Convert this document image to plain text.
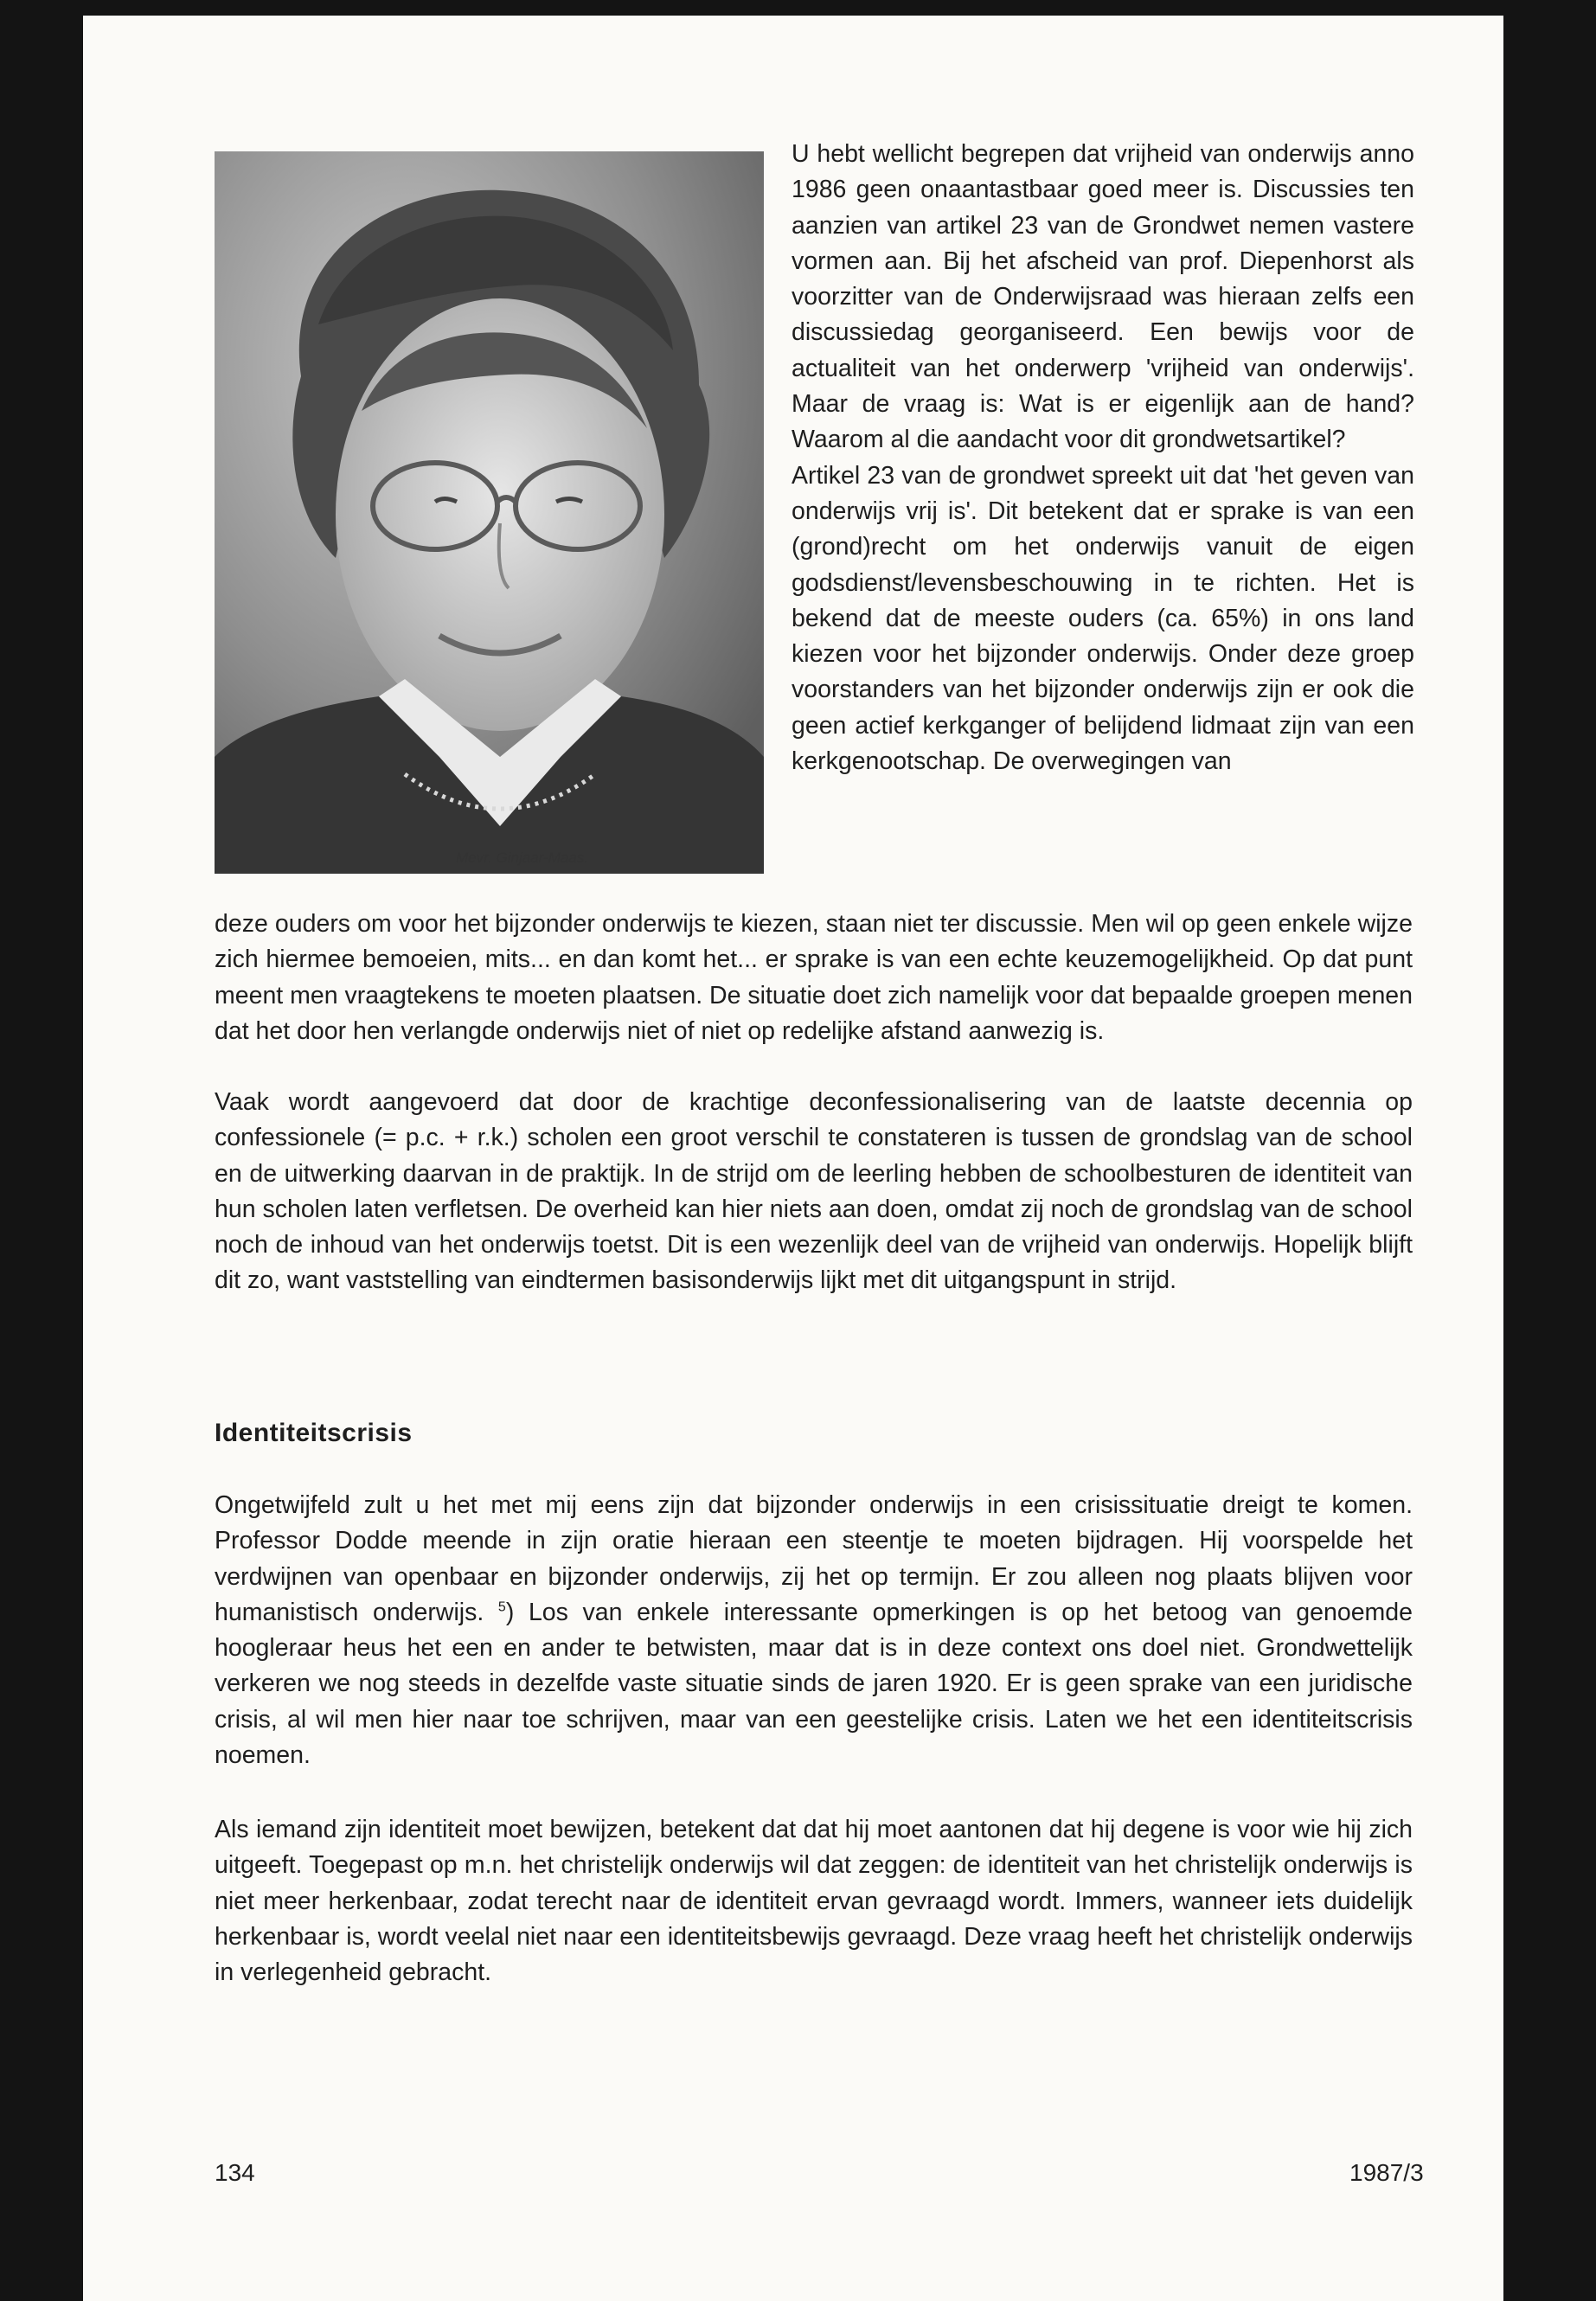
Mevr. Ginjaar-Maas.

U hebt wellicht begrepen dat vrijheid van onderwijs anno 1986 geen onaantastbaar goed meer is. Discussies ten aanzien van artikel 23 van de Grondwet nemen vastere vormen aan. Bij het afscheid van prof. Diepenhorst als voorzitter van de Onderwijsraad was hieraan zelfs een discussiedag georganiseerd. Een bewijs voor de actualiteit van het onderwerp 'vrijheid van onderwijs'. Maar de vraag is: Wat is er eigenlijk aan de hand? Waarom al die aandacht voor dit grondwetsartikel?
Artikel 23 van de grondwet spreekt uit dat 'het geven van onderwijs vrij is'. Dit betekent dat er sprake is van een (grond)recht om het onderwijs vanuit de eigen godsdienst/levensbeschouwing in te richten. Het is bekend dat de meeste ouders (ca. 65%) in ons land kiezen voor het bijzonder onderwijs. Onder deze groep voorstanders van het bijzonder onderwijs zijn er ook die geen actief kerkganger of belijdend lidmaat zijn van een kerkgenootschap. De overwegingen van

deze ouders om voor het bijzonder onderwijs te kiezen, staan niet ter discussie. Men wil op geen enkele wijze zich hiermee bemoeien, mits... en dan komt het... er sprake is van een echte keuzemogelijkheid. Op dat punt meent men vraagtekens te moeten plaatsen. De situatie doet zich namelijk voor dat bepaalde groepen menen dat het door hen verlangde onderwijs niet of niet op redelijke afstand aanwezig is.

Vaak wordt aangevoerd dat door de krachtige deconfessionalisering van de laatste decennia op confessionele (= p.c. + r.k.) scholen een groot verschil te constateren is tussen de grondslag van de school en de uitwerking daarvan in de praktijk. In de strijd om de leerling hebben de schoolbesturen de identiteit van hun scholen laten verfletsen. De overheid kan hier niets aan doen, omdat zij noch de grondslag van de school noch de inhoud van het onderwijs toetst. Dit is een wezenlijk deel van de vrijheid van onderwijs. Hopelijk blijft dit zo, want vaststelling van eindtermen basisonderwijs lijkt met dit uitgangspunt in strijd.

Identiteitscrisis

Ongetwijfeld zult u het met mij eens zijn dat bijzonder onderwijs in een crisissituatie dreigt te komen. Professor Dodde meende in zijn oratie hieraan een steentje te moeten bijdragen. Hij voorspelde het verdwijnen van openbaar en bijzonder onderwijs, zij het op termijn. Er zou alleen nog plaats blijven voor humanistisch onderwijs. $^5$) Los van enkele interessante opmerkingen is op het betoog van genoemde hoogleraar heus het een en ander te betwisten, maar dat is in deze context ons doel niet. Grondwettelijk verkeren we nog steeds in dezelfde vaste situatie sinds de jaren 1920. Er is geen sprake van een juridische crisis, al wil men hier naar toe schrijven, maar van een geestelijke crisis. Laten we het een identiteitscrisis noemen.

Als iemand zijn identiteit moet bewijzen, betekent dat dat hij moet aantonen dat hij degene is voor wie hij zich uitgeeft. Toegepast op m.n. het christelijk onderwijs wil dat zeggen: de identiteit van het christelijk onderwijs is niet meer herkenbaar, zodat terecht naar de identiteit ervan gevraagd wordt. Immers, wanneer iets duidelijk herkenbaar is, wordt veelal niet naar een identiteitsbewijs gevraagd. Deze vraag heeft het christelijk onderwijs in verlegenheid gebracht.

134	1987/3
